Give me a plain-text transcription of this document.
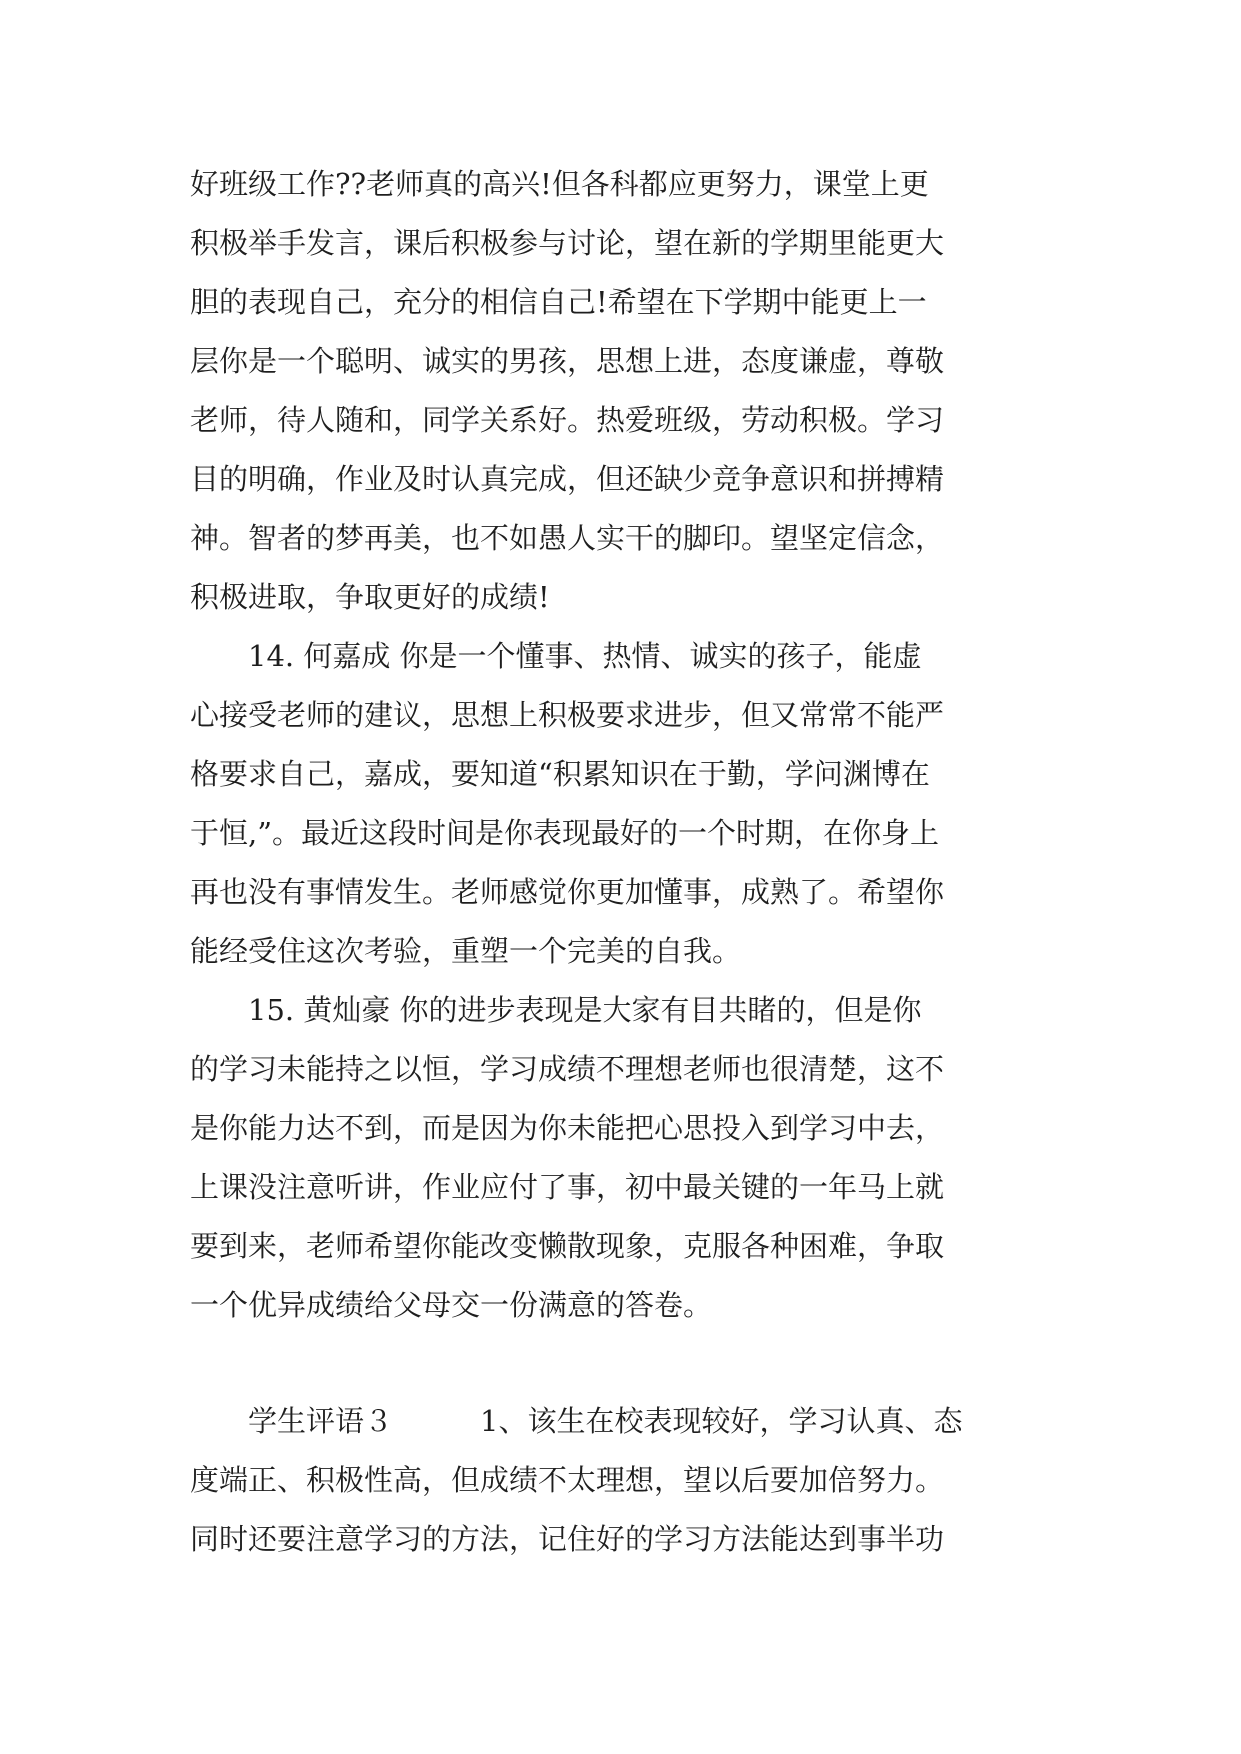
好班级工作??老师真的高兴!但各科都应更努力，课堂上更
积极举手发言，课后积极参与讨论，望在新的学期里能更大
胆的表现自己，充分的相信自己!希望在下学期中能更上一
层你是一个聪明、诚实的男孩，思想上进，态度谦虚，尊敬
老师，待人随和，同学关系好。热爱班级，劳动积极。学习
目的明确，作业及时认真完成，但还缺少竞争意识和拼搏精
神。智者的梦再美，也不如愚人实干的脚印。望坚定信念，
积极进取，争取更好的成绩!
　　14. 何嘉成 你是一个懂事、热情、诚实的孩子，能虚
心接受老师的建议，思想上积极要求进步，但又常常不能严
格要求自己，嘉成，要知道“积累知识在于勤，学问渊博在
于恒,”。最近这段时间是你表现最好的一个时期，在你身上
再也没有事情发生。老师感觉你更加懂事，成熟了。希望你
能经受住这次考验，重塑一个完美的自我。
　　15. 黄灿豪 你的进步表现是大家有目共睹的，但是你
的学习未能持之以恒，学习成绩不理想老师也很清楚，这不
是你能力达不到，而是因为你未能把心思投入到学习中去，
上课没注意听讲，作业应付了事，初中最关键的一年马上就
要到来，老师希望你能改变懒散现象，克服各种困难，争取
一个优异成绩给父母交一份满意的答卷。
　　学生评语３　　　1、该生在校表现较好，学习认真、态
度端正、积极性高，但成绩不太理想，望以后要加倍努力。
同时还要注意学习的方法，记住好的学习方法能达到事半功
